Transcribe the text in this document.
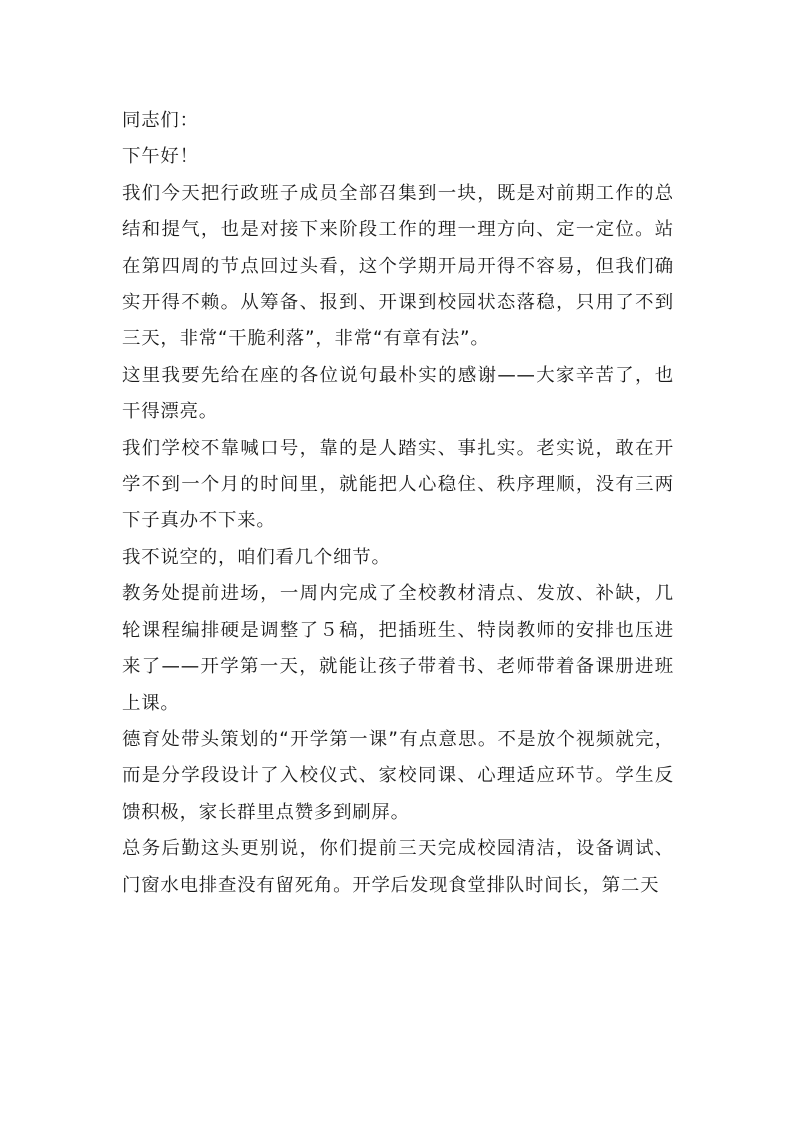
同志们：

下午好！

我们今天把行政班子成员全部召集到一块，既是对前期工作的总结和提气，也是对接下来阶段工作的理一理方向、定一定位。站在第四周的节点回过头看，这个学期开局开得不容易，但我们确实开得不赖。从筹备、报到、开课到校园状态落稳，只用了不到三天，非常“干脆利落”，非常“有章有法”。

这里我要先给在座的各位说句最朴实的感谢——大家辛苦了，也干得漂亮。

我们学校不靠喊口号，靠的是人踏实、事扎实。老实说，敢在开学不到一个月的时间里，就能把人心稳住、秩序理顺，没有三两下子真办不下来。

我不说空的，咱们看几个细节。

教务处提前进场，一周内完成了全校教材清点、发放、补缺，几轮课程编排硬是调整了５稿，把插班生、特岗教师的安排也压进来了——开学第一天，就能让孩子带着书、老师带着备课册进班上课。

德育处带头策划的“开学第一课”有点意思。不是放个视频就完，而是分学段设计了入校仪式、家校同课、心理适应环节。学生反馈积极，家长群里点赞多到刷屏。

总务后勤这头更别说，你们提前三天完成校园清洁，设备调试、门窗水电排查没有留死角。开学后发现食堂排队时间长，第二天
